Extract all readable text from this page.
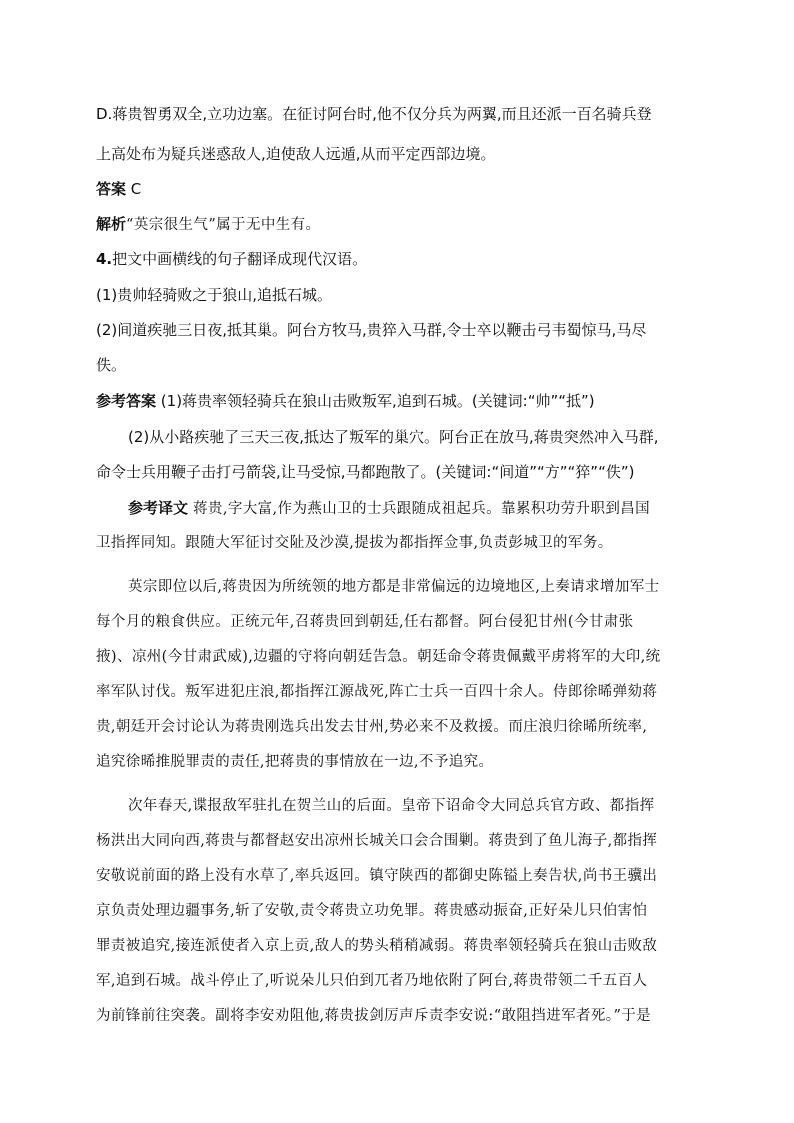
D.蒋贵智勇双全,立功边塞。在征讨阿台时,他不仅分兵为两翼,而且还派一百名骑兵登
上高处布为疑兵迷惑敌人,迫使敌人远遁,从而平定西部边境。
答案 C
解析“英宗很生气”属于无中生有。
4.把文中画横线的句子翻译成现代汉语。
(1)贵帅轻骑败之于狼山,追抵石城。
(2)间道疾驰三日夜,抵其巢。阿台方牧马,贵猝入马群,令士卒以鞭击弓韦蜀惊马,马尽
佚。
参考答案 (1)蒋贵率领轻骑兵在狼山击败叛军,追到石城。(关键词:“帅”“抵”)
(2)从小路疾驰了三天三夜,抵达了叛军的巢穴。阿台正在放马,蒋贵突然冲入马群,
命令士兵用鞭子击打弓箭袋,让马受惊,马都跑散了。(关键词:“间道”“方”“猝”“佚”)
参考译文 蒋贵,字大富,作为燕山卫的士兵跟随成祖起兵。靠累积功劳升职到昌国
卫指挥同知。跟随大军征讨交阯及沙漠,提拔为都指挥佥事,负责彭城卫的军务。
英宗即位以后,蒋贵因为所统领的地方都是非常偏远的边境地区,上奏请求增加军士
每个月的粮食供应。正统元年,召蒋贵回到朝廷,任右都督。阿台侵犯甘州(今甘肃张
掖)、凉州(今甘肃武威),边疆的守将向朝廷告急。朝廷命令蒋贵佩戴平虏将军的大印,统
率军队讨伐。叛军进犯庄浪,都指挥江源战死,阵亡士兵一百四十余人。侍郎徐晞弹劾蒋
贵,朝廷开会讨论认为蒋贵刚选兵出发去甘州,势必来不及救援。而庄浪归徐晞所统率,
追究徐晞推脱罪责的责任,把蒋贵的事情放在一边,不予追究。
次年春天,谍报敌军驻扎在贺兰山的后面。皇帝下诏命令大同总兵官方政、都指挥
杨洪出大同向西,蒋贵与都督赵安出凉州长城关口会合围剿。蒋贵到了鱼儿海子,都指挥
安敬说前面的路上没有水草了,率兵返回。镇守陕西的都御史陈镒上奏告状,尚书王骥出
京负责处理边疆事务,斩了安敬,责令蒋贵立功免罪。蒋贵感动振奋,正好朵儿只伯害怕
罪责被追究,接连派使者入京上贡,敌人的势头稍稍减弱。蒋贵率领轻骑兵在狼山击败敌
军,追到石城。战斗停止了,听说朵儿只伯到兀者乃地依附了阿台,蒋贵带领二千五百人
为前锋前往突袭。副将李安劝阻他,蒋贵拔剑厉声斥责李安说:“敢阻挡进军者死。”于是
